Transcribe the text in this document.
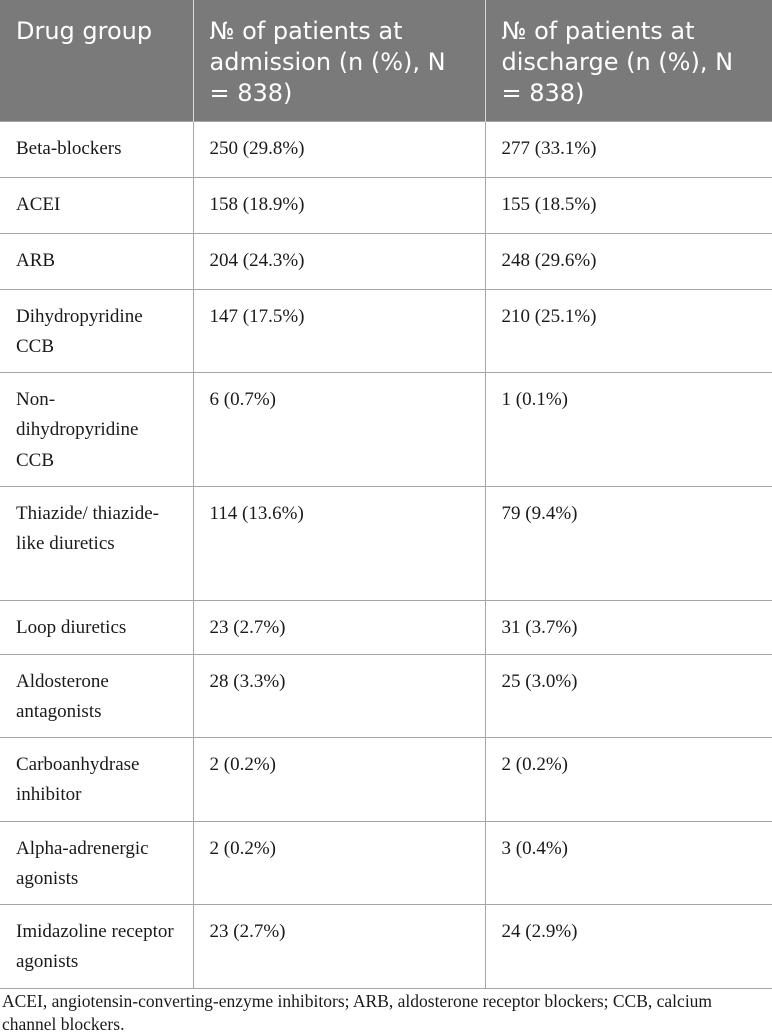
Drug group	№ of patients at admission (n (%), N = 838)	№ of patients at discharge (n (%), N = 838)
Beta-blockers	250 (29.8%)	277 (33.1%)
ACEI	158 (18.9%)	155 (18.5%)
ARB	204 (24.3%)	248 (29.6%)
Dihydropyridine CCB	147 (17.5%)	210 (25.1%)
Non-dihydropyridine CCB	6 (0.7%)	1 (0.1%)
Thiazide/ thiazide-like diuretics	114 (13.6%)	79 (9.4%)
Loop diuretics	23 (2.7%)	31 (3.7%)
Aldosterone antagonists	28 (3.3%)	25 (3.0%)
Carboanhydrase inhibitor	2 (0.2%)	2 (0.2%)
Alpha-adrenergic agonists	2 (0.2%)	3 (0.4%)
Imidazoline receptor agonists	23 (2.7%)	24 (2.9%)
ACEI, angiotensin-converting-enzyme inhibitors; ARB, aldosterone receptor blockers; CCB, calcium channel blockers.
